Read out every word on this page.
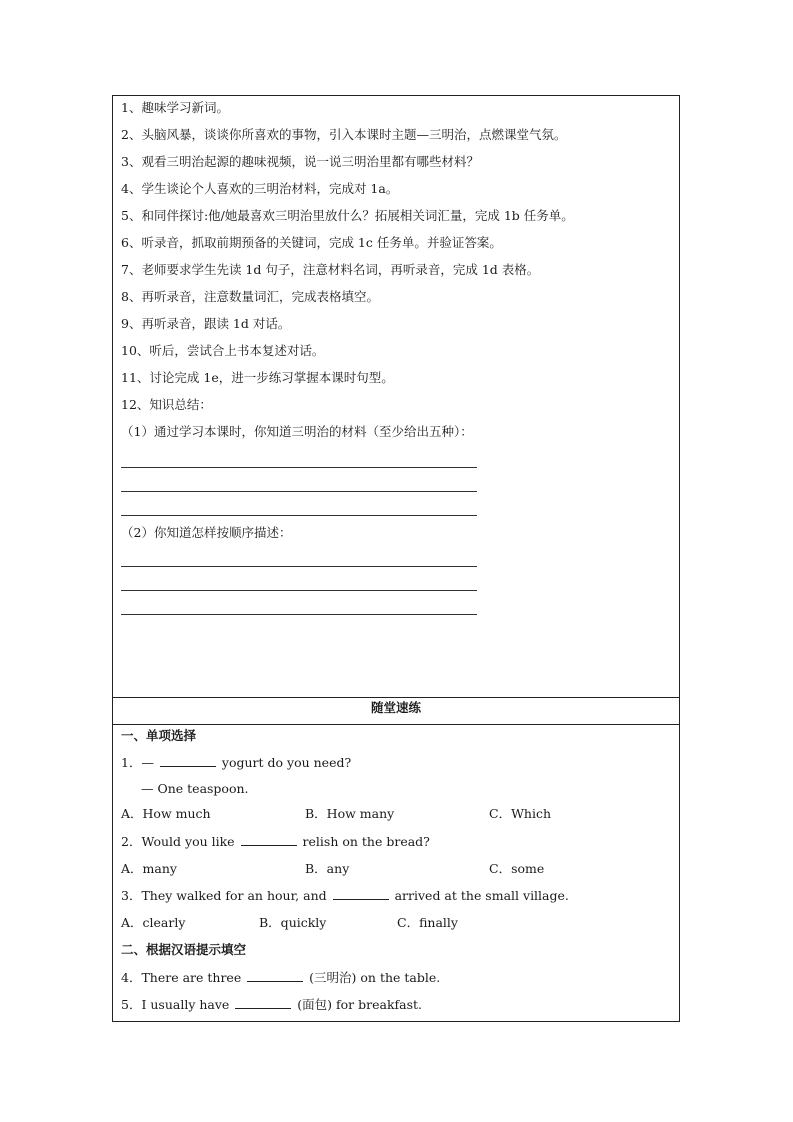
1、趣味学习新词。
2、头脑风暴，谈谈你所喜欢的事物，引入本课时主题—三明治，点燃课堂气氛。
3、观看三明治起源的趣味视频，说一说三明治里都有哪些材料？
4、学生谈论个人喜欢的三明治材料，完成对 1a。
5、和同伴探讨:他/她最喜欢三明治里放什么？拓展相关词汇量，完成 1b 任务单。
6、听录音，抓取前期预备的关键词，完成 1c 任务单。并验证答案。
7、老师要求学生先读 1d 句子，注意材料名词，再听录音，完成 1d 表格。
8、再听录音，注意数量词汇，完成表格填空。
9、再听录音，跟读 1d 对话。
10、听后，尝试合上书本复述对话。
11、讨论完成 1e，进一步练习掌握本课时句型。
12、知识总结：
（1）通过学习本课时，你知道三明治的材料（至少给出五种）：
（2）你知道怎样按顺序描述：
随堂速练
一、单项选择
1．—	yogurt do you need?
— One teaspoon.
A．How much	B．How many	C．Which
2．Would you like	relish on the bread?
A．many	B．any	C．some
3．They walked for an hour, and	arrived at the small village.
A．clearly	B．quickly	C．finally
二、根据汉语提示填空
4．There are three	(三明治) on the table.
5．I usually have	(面包) for breakfast.
